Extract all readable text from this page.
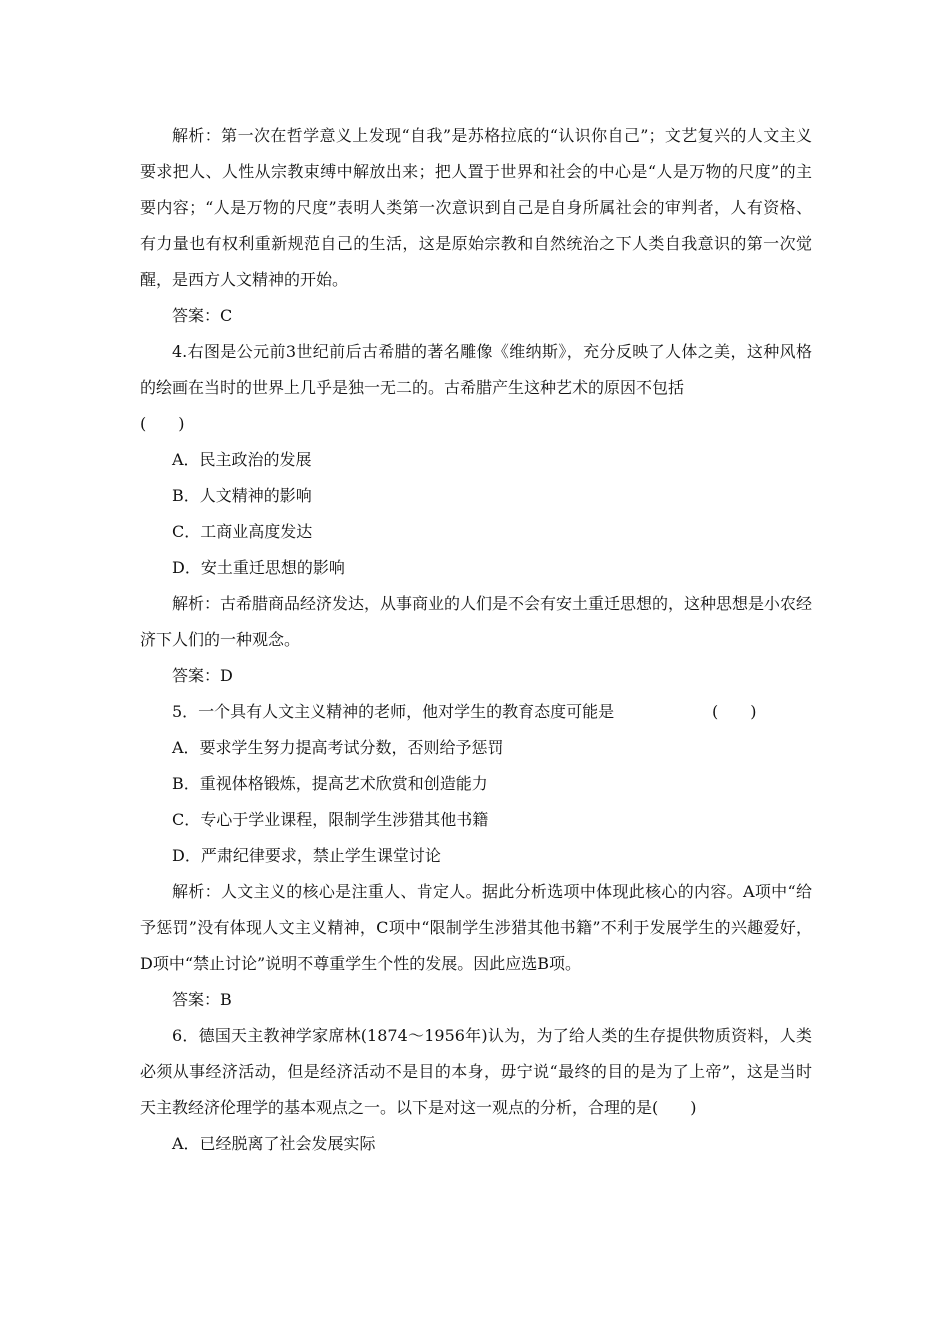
解析：第一次在哲学意义上发现“自我”是苏格拉底的“认识你自己”；文艺复兴的人文主义要求把人、人性从宗教束缚中解放出来；把人置于世界和社会的中心是“人是万物的尺度”的主要内容；“人是万物的尺度”表明人类第一次意识到自己是自身所属社会的审判者，人有资格、有力量也有权利重新规范自己的生活，这是原始宗教和自然统治之下人类自我意识的第一次觉醒，是西方人文精神的开始。

答案：C

4.右图是公元前3世纪前后古希腊的著名雕像《维纳斯》，充分反映了人体之美，这种风格的绘画在当时的世界上几乎是独一无二的。古希腊产生这种艺术的原因不包括

(　　)

A．民主政治的发展

B．人文精神的影响

C．工商业高度发达

D．安土重迁思想的影响

解析：古希腊商品经济发达，从事商业的人们是不会有安土重迁思想的，这种思想是小农经济下人们的一种观念。

答案：D

5．一个具有人文主义精神的老师，他对学生的教育态度可能是	(　　)

A．要求学生努力提高考试分数，否则给予惩罚

B．重视体格锻炼，提高艺术欣赏和创造能力

C．专心于学业课程，限制学生涉猎其他书籍

D．严肃纪律要求，禁止学生课堂讨论

解析：人文主义的核心是注重人、肯定人。据此分析选项中体现此核心的内容。A项中“给予惩罚”没有体现人文主义精神，C项中“限制学生涉猎其他书籍”不利于发展学生的兴趣爱好，D项中“禁止讨论”说明不尊重学生个性的发展。因此应选B项。

答案：B

6．德国天主教神学家席林(1874～1956年)认为，为了给人类的生存提供物质资料，人类必须从事经济活动，但是经济活动不是目的本身，毋宁说“最终的目的是为了上帝”，这是当时天主教经济伦理学的基本观点之一。以下是对这一观点的分析，合理的是(　　)

A．已经脱离了社会发展实际
